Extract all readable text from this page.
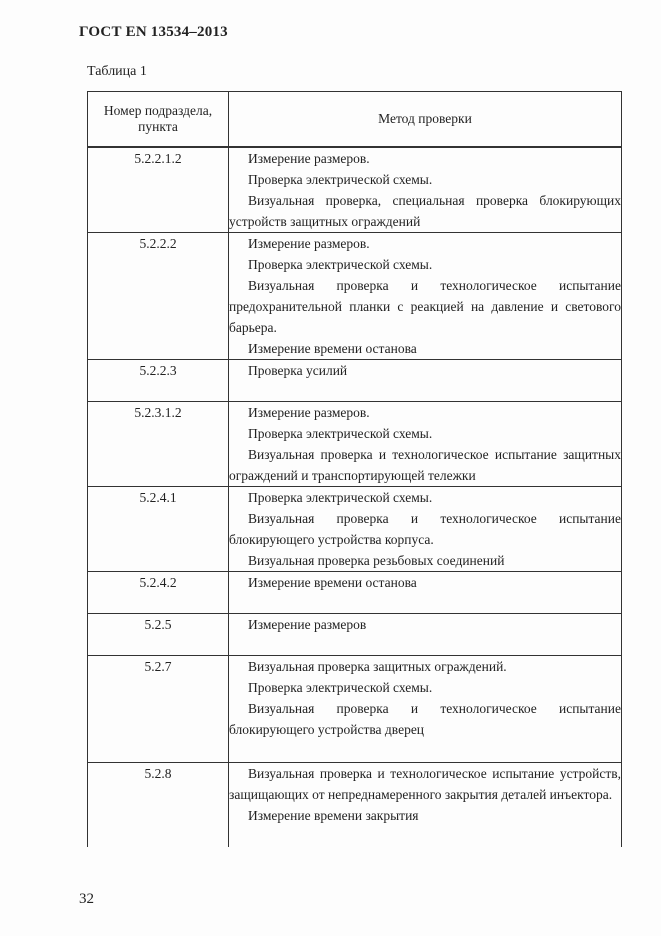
ГОСТ EN 13534–2013
Таблица 1
Номер подраздела, пункта	Метод проверки
5.2.2.1.2	Измерение размеров.

Проверка электрической схемы.

Визуальная проверка, специальная проверка блокирующих устройств защитных ограждений

5.2.2.2	Измерение размеров.

Проверка электрической схемы.

Визуальная проверка и технологическое испытание предохранительной планки с реакцией на давление и светового барьера.

Измерение времени останова

5.2.2.3	Проверка усилий

5.2.3.1.2	Измерение размеров.

Проверка электрической схемы.

Визуальная проверка и технологическое испытание защитных ограждений и транспортирующей тележки

5.2.4.1	Проверка электрической схемы.

Визуальная проверка и технологическое испытание блокирующего устройства корпуса.

Визуальная проверка резьбовых соединений

5.2.4.2	Измерение времени останова

5.2.5	Измерение размеров

5.2.7	Визуальная проверка защитных ограждений.

Проверка электрической схемы.

Визуальная проверка и технологическое испытание блокирующего устройства дверец

5.2.8	Визуальная проверка и технологическое испытание устройств, защищающих от непреднамеренного закрытия деталей инъектора.

Измерение времени закрытия

32
